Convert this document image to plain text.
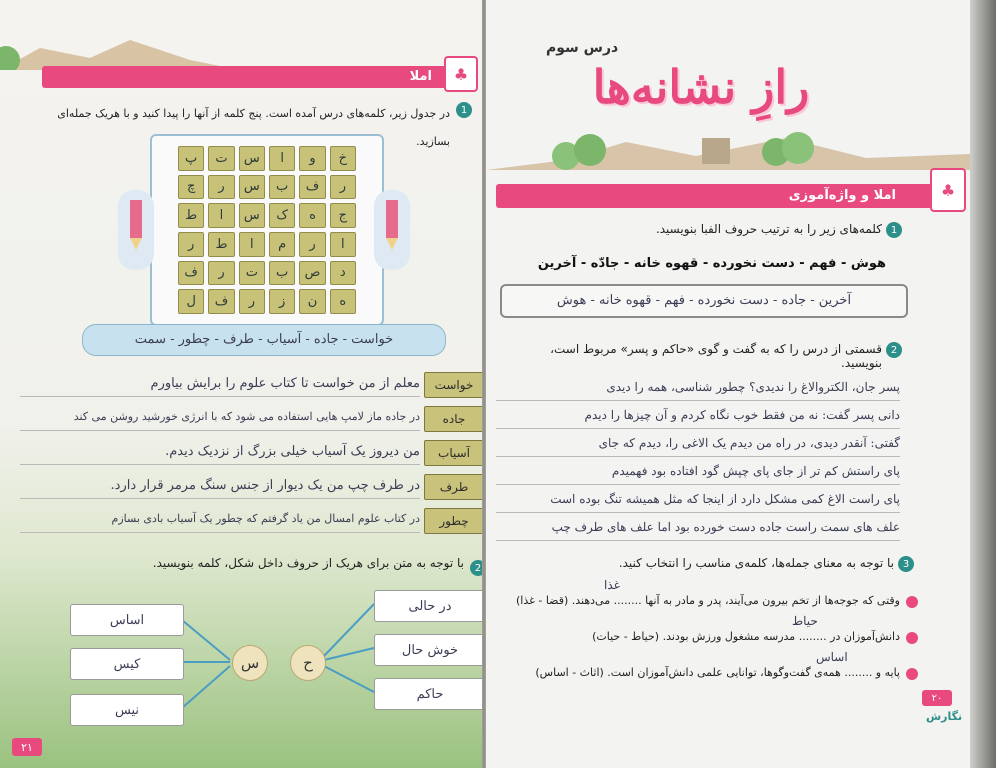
املا	♣
1
در جدول زیر، کلمه‌های درس آمده است. پنج کلمه از آنها را پیدا کنید و با هریک جمله‌ای بسازید.
پ	ت	س	ا	و	خ
چ	ر	س	ب	ف	ر
ط	ا	س	ک	ه	ج
ر	ط	ا	م	ر	ا
ف	ر	ت	ب	ص	د
ل	ف	ر	ز	ن	ه
خواست - جاده - آسیاب - طرف - چطور - سمت
خواست
معلم از من خواست تا کتاب علوم را برایش بیاورم
جاده
در جاده ماز لامپ هایی استفاده می شود که با انرژی خورشید روشن می کند
آسیاب
من دیروز یک آسیاب خیلی بزرگ از نزدیک دیدم.
طرف
در طرف چپ من یک دیوار از جنس سنگ مرمر قرار دارد.
چطور
در کتاب علوم امسال من یاد گرفتم که چطور یک آسیاب بادی بسازم
2
با توجه به متن برای هریک از حروف داخل شکل، کلمه بنویسید.
س	ح
اساس
کیس
نیس
در حالی
خوش حال
حاکم
۲۱
درس سوم
رازِ نشانه‌ها
املا و واژه‌آموزی	♣
1
کلمه‌های زیر را به ترتیب حروف الفبا بنویسید.
هوش - فهم - دست نخورده - قهوه خانه - جادّه - آخرین
آخرین - جاده - دست نخورده - فهم - قهوه خانه - هوش
2
قسمتی از درس را که به گفت و گوی «حاکم و پسر» مربوط است، بنویسید.
پسر جان، الکتروالاغ را ندیدی؟ چطور شناسی، همه را دیدی
دانی پسر گفت: نه من فقط خوب نگاه کردم و آن چیزها را دیدم
گفتی: آنقدر دیدی، در راه من دیدم یک الاغی را، دیدم که جای
پای راستش کم تر از جای پای چپش گود افتاده بود فهمیدم
پای راست الاغ کمی مشکل دارد از اینجا که مثل همیشه تنگ بوده است
علف های سمت راست جاده دست خورده بود اما علف های طرف چپ
3
با توجه به معنای جمله‌ها، کلمه‌ی مناسب را انتخاب کنید.
وقتی که جوجه‌ها از تخم بیرون می‌آیند، پدر و مادر به آنها ........ می‌دهند. (قضا - غذا)
غذا
دانش‌آموزان در ........ مدرسه مشغول ورزش بودند. (حیاط - حیات)
حیاط
پایه و ........ همه‌ی گفت‌وگوها، توانایی علمی دانش‌آموزان است. (اثاث - اساس)
اساس
۲۰
نگارش
